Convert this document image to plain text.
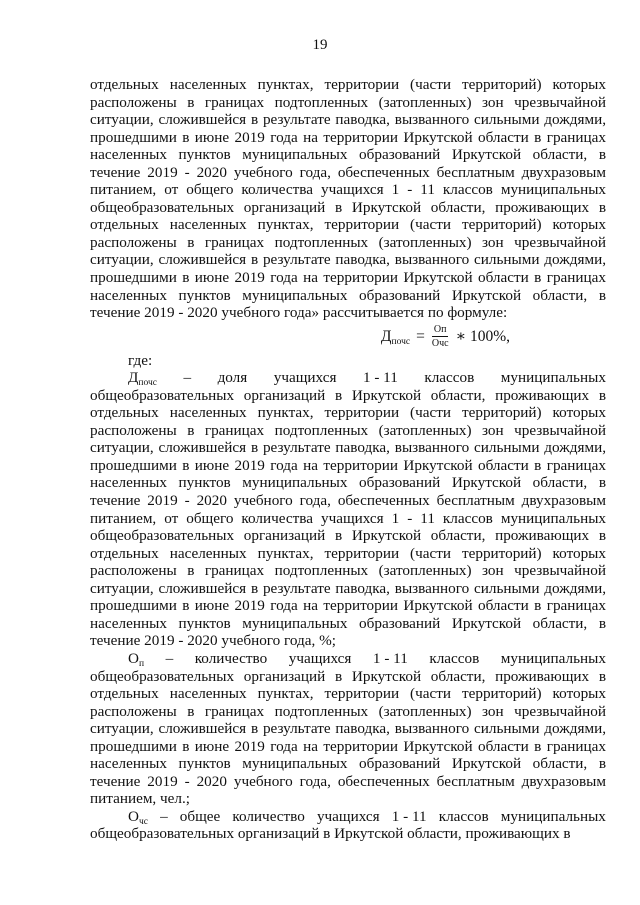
19

отдельных населенных пунктах, территории (части территорий) которых расположены в границах подтопленных (затопленных) зон чрезвычайной ситуации, сложившейся в результате паводка, вызванного сильными дождями, прошедшими в июне 2019 года на территории Иркутской области в границах населенных пунктов муниципальных образований Иркутской области, в течение 2019 - 2020 учебного года, обеспеченных бесплатным двухразовым питанием, от общего количества учащихся 1 - 11 классов муниципальных общеобразовательных организаций в Иркутской области, проживающих в отдельных населенных пунктах, территории (части территорий) которых расположены в границах подтопленных (затопленных) зон чрезвычайной ситуации, сложившейся в результате паводка, вызванного сильными дождями, прошедшими в июне 2019 года на территории Иркутской области в границах населенных пунктов муниципальных образований Иркутской области, в течение 2019 - 2020 учебного года» рассчитывается по формуле:

$Д_{почс} = \frac{Оп}{\text{Очс}}$ ∗ 100%,

где:

$Д_{почс}$ – доля учащихся 1 - 11 классов муниципальных

общеобразовательных организаций в Иркутской области, проживающих в отдельных населенных пунктах, территории (части территорий) которых расположены в границах подтопленных (затопленных) зон чрезвычайной ситуации, сложившейся в результате паводка, вызванного сильными дождями, прошедшими в июне 2019 года на территории Иркутской области в границах населенных пунктов муниципальных образований Иркутской области, в течение 2019 - 2020 учебного года, обеспеченных бесплатным двухразовым питанием, от общего количества учащихся 1 - 11 классов муниципальных общеобразовательных организаций в Иркутской области, проживающих в отдельных населенных пунктах, территории (части территорий) которых расположены в границах подтопленных (затопленных) зон чрезвычайной ситуации, сложившейся в результате паводка, вызванного сильными дождями, прошедшими в июне 2019 года на территории Иркутской области в границах населенных пунктов муниципальных образований Иркутской области, в течение 2019 - 2020 учебного года, %;

$О_п$ – количество учащихся 1 - 11 классов муниципальных

общеобразовательных организаций в Иркутской области, проживающих в отдельных населенных пунктах, территории (части территорий) которых расположены в границах подтопленных (затопленных) зон чрезвычайной ситуации, сложившейся в результате паводка, вызванного сильными дождями, прошедшими в июне 2019 года на территории Иркутской области в границах населенных пунктов муниципальных образований Иркутской области, в течение 2019 - 2020 учебного года, обеспеченных бесплатным двухразовым питанием, чел.;

$О_{чс}$ – общее количество учащихся 1 - 11 классов муниципальных

общеобразовательных организаций в Иркутской области, проживающих в
